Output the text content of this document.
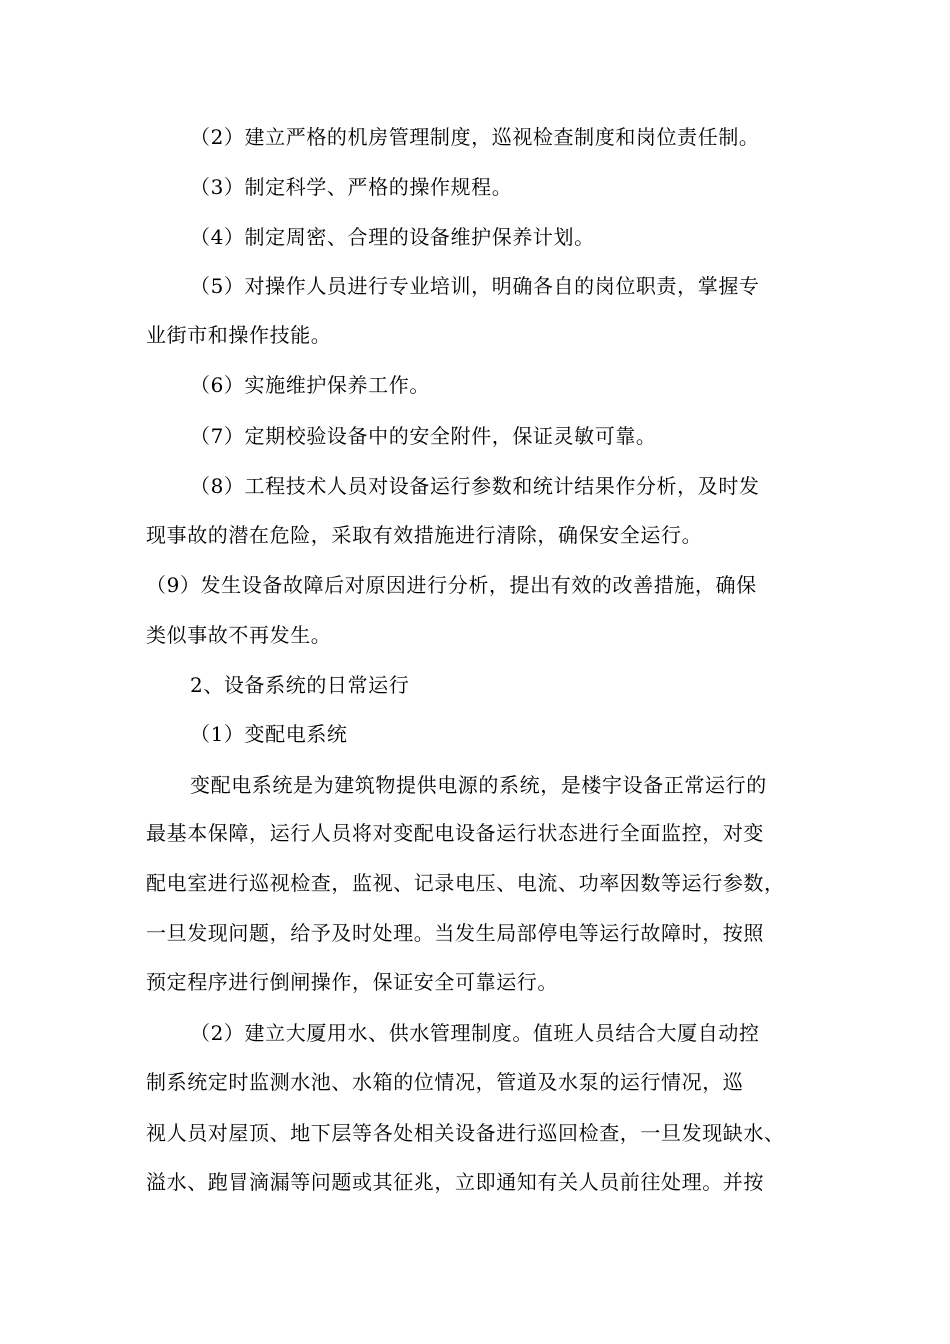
（2）建立严格的机房管理制度，巡视检查制度和岗位责任制。
（3）制定科学、严格的操作规程。
（4）制定周密、合理的设备维护保养计划。
（5）对操作人员进行专业培训，明确各自的岗位职责，掌握专
业街市和操作技能。
（6）实施维护保养工作。
（7）定期校验设备中的安全附件，保证灵敏可靠。
（8）工程技术人员对设备运行参数和统计结果作分析，及时发
现事故的潜在危险，采取有效措施进行清除，确保安全运行。
（9）发生设备故障后对原因进行分析，提出有效的改善措施，确保
类似事故不再发生。
2、设备系统的日常运行
（1）变配电系统
变配电系统是为建筑物提供电源的系统，是楼宇设备正常运行的
最基本保障，运行人员将对变配电设备运行状态进行全面监控，对变
配电室进行巡视检查，监视、记录电压、电流、功率因数等运行参数，
一旦发现问题，给予及时处理。当发生局部停电等运行故障时，按照
预定程序进行倒闸操作，保证安全可靠运行。
（2）建立大厦用水、供水管理制度。值班人员结合大厦自动控
制系统定时监测水池、水箱的位情况，管道及水泵的运行情况，巡
视人员对屋顶、地下层等各处相关设备进行巡回检查，一旦发现缺水、
溢水、跑冒滴漏等问题或其征兆，立即通知有关人员前往处理。并按
